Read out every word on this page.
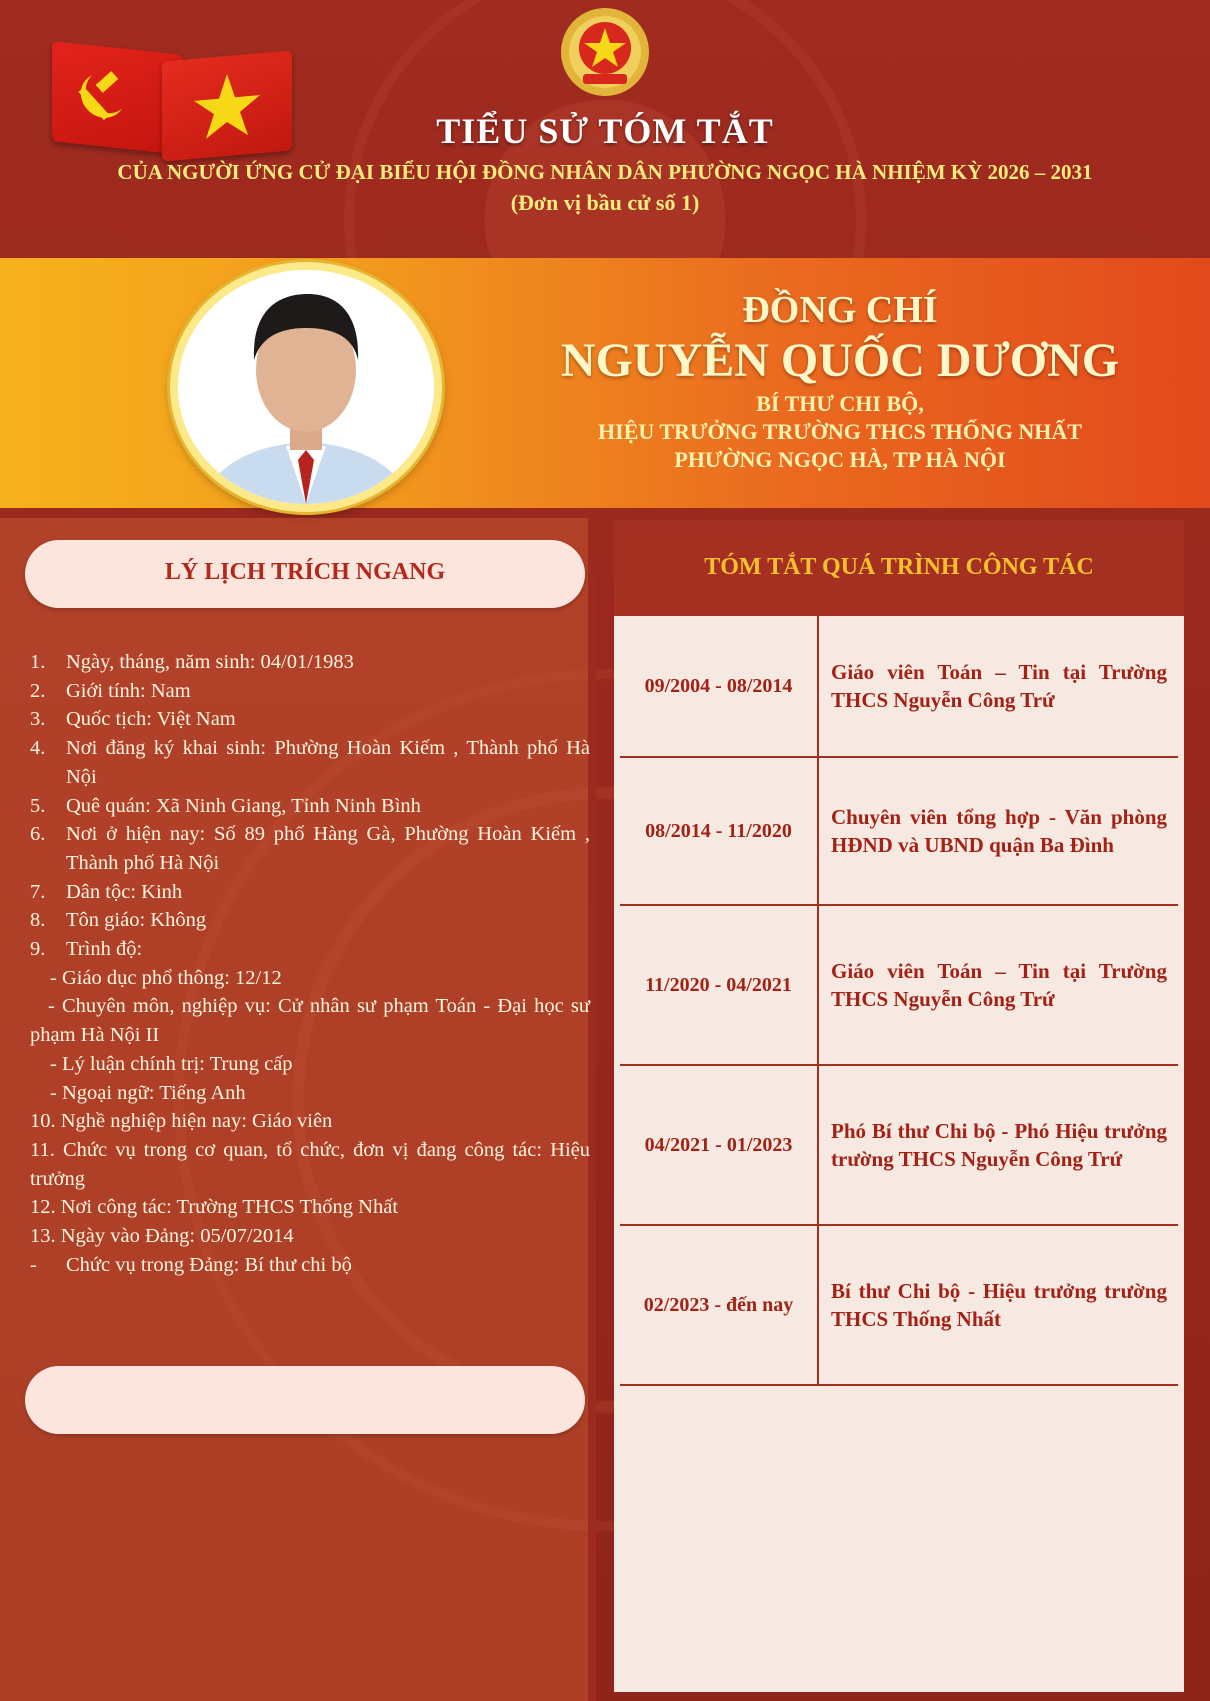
TIỂU SỬ TÓM TẮT
CỦA NGƯỜI ỨNG CỬ ĐẠI BIỂU HỘI ĐỒNG NHÂN DÂN PHƯỜNG NGỌC HÀ NHIỆM KỲ 2026 – 2031
(Đơn vị bầu cử số 1)
ĐỒNG CHÍ
NGUYỄN QUỐC DƯƠNG
BÍ THƯ CHI BỘ,
HIỆU TRƯỞNG TRƯỜNG THCS THỐNG NHẤT
PHƯỜNG NGỌC HÀ, TP HÀ NỘI
LÝ LỊCH TRÍCH NGANG
1.	Ngày, tháng, năm sinh: 04/01/1983
2.	Giới tính: Nam
3.	Quốc tịch: Việt Nam
4.	Nơi đăng ký khai sinh: Phường Hoàn Kiếm , Thành phố Hà Nội
5.	Quê quán: Xã Ninh Giang, Tỉnh Ninh Bình
6.	Nơi ở hiện nay: Số 89 phố Hàng Gà, Phường Hoàn Kiếm , Thành phố Hà Nội
7.	Dân tộc: Kinh
8.	Tôn giáo: Không
9.	Trình độ:
- Giáo dục phổ thông: 12/12
- Chuyên môn, nghiệp vụ: Cử nhân sư phạm Toán - Đại học sư phạm Hà Nội II
- Lý luận chính trị: Trung cấp
- Ngoại ngữ: Tiếng Anh
10. Nghề nghiệp hiện nay: Giáo viên
11. Chức vụ trong cơ quan, tổ chức, đơn vị đang công tác: Hiệu trưởng
12. Nơi công tác: Trường THCS Thống Nhất
13. Ngày vào Đảng: 05/07/2014
-	Chức vụ trong Đảng: Bí thư chi bộ
TÓM TẮT QUÁ TRÌNH CÔNG TÁC
09/2004 - 08/2014
Giáo viên Toán – Tin tại Trường THCS Nguyễn Công Trứ
08/2014 - 11/2020
Chuyên viên tổng hợp - Văn phòng HĐND và UBND quận Ba Đình
11/2020 - 04/2021
Giáo viên Toán – Tin tại Trường THCS Nguyễn Công Trứ
04/2021 - 01/2023
Phó Bí thư Chi bộ - Phó Hiệu trưởng trường THCS Nguyễn Công Trứ
02/2023 - đến nay
Bí thư Chi bộ - Hiệu trưởng trường THCS Thống Nhất
